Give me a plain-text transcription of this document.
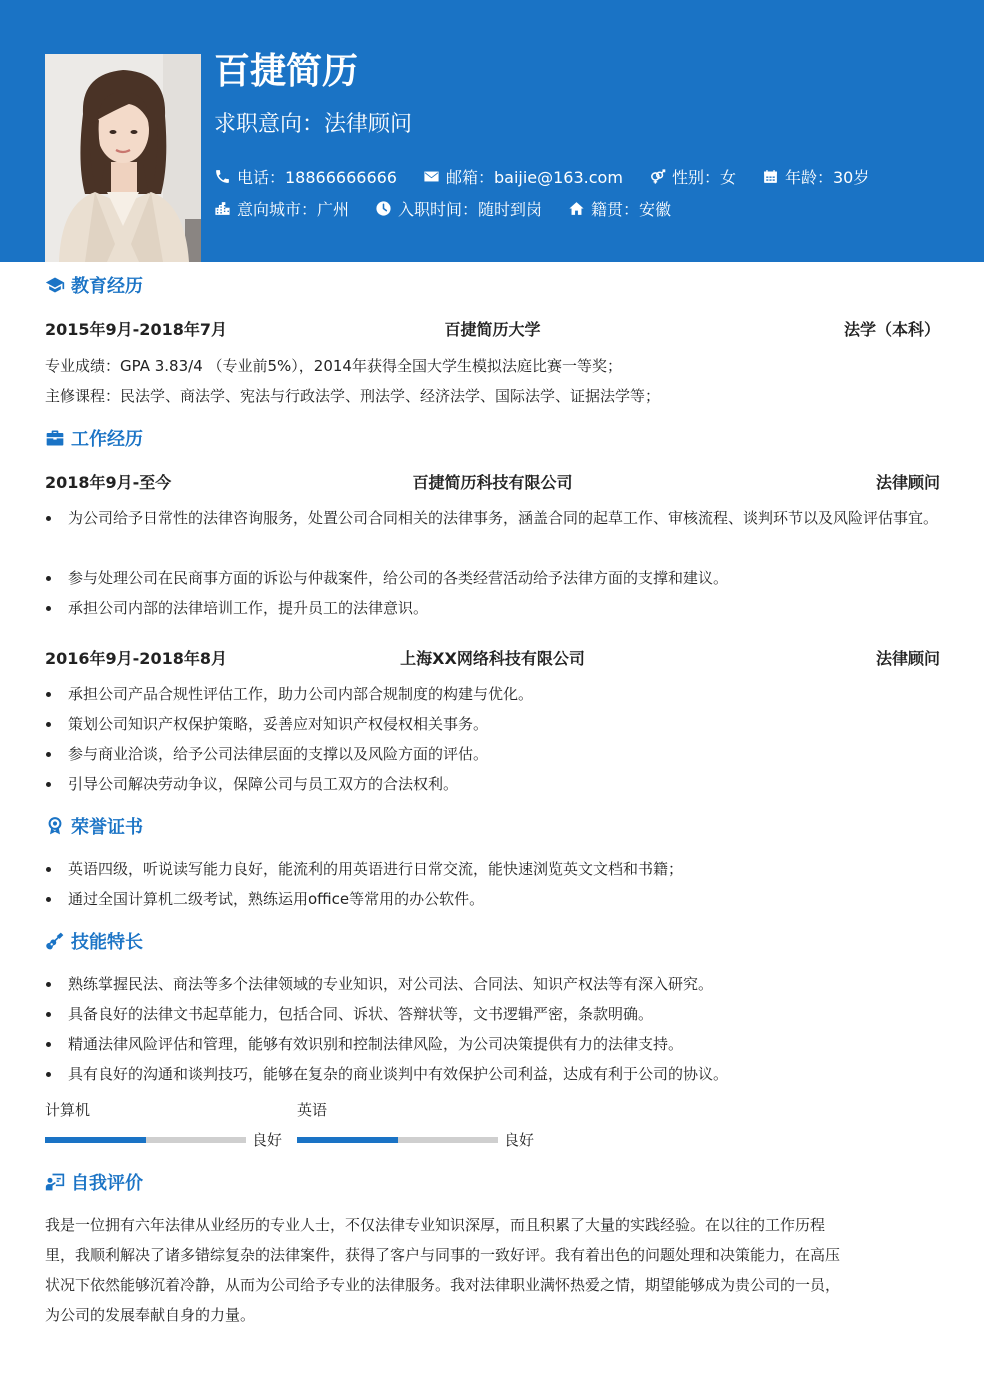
百捷简历
求职意向：法律顾问
电话：18866666666	邮箱：baijie@163.com	性别：女	年龄：30岁
意向城市：广州	入职时间：随时到岗	籍贯：安徽
教育经历
2015年9月-2018年7月	百捷简历大学	法学（本科）
专业成绩：GPA 3.83/4 （专业前5%），2014年获得全国大学生模拟法庭比赛一等奖；
主修课程：民法学、商法学、宪法与行政法学、刑法学、经济法学、国际法学、证据法学等；
工作经历
2018年9月-至今	百捷简历科技有限公司	法律顾问
为公司给予日常性的法律咨询服务，处置公司合同相关的法律事务，涵盖合同的起草工作、审核流程、谈判环节以及风险评估事宜。
参与处理公司在民商事方面的诉讼与仲裁案件，给公司的各类经营活动给予法律方面的支撑和建议。
承担公司内部的法律培训工作，提升员工的法律意识。
2016年9月-2018年8月	上海XX网络科技有限公司	法律顾问
承担公司产品合规性评估工作，助力公司内部合规制度的构建与优化。
策划公司知识产权保护策略，妥善应对知识产权侵权相关事务。
参与商业洽谈，给予公司法律层面的支撑以及风险方面的评估。
引导公司解决劳动争议，保障公司与员工双方的合法权利。
荣誉证书
英语四级，听说读写能力良好，能流利的用英语进行日常交流，能快速浏览英文文档和书籍；
通过全国计算机二级考试，熟练运用office等常用的办公软件。
技能特长
熟练掌握民法、商法等多个法律领域的专业知识，对公司法、合同法、知识产权法等有深入研究。
具备良好的法律文书起草能力，包括合同、诉状、答辩状等，文书逻辑严密，条款明确。
精通法律风险评估和管理，能够有效识别和控制法律风险，为公司决策提供有力的法律支持。
具有良好的沟通和谈判技巧，能够在复杂的商业谈判中有效保护公司利益，达成有利于公司的协议。
计算机
良好
英语
良好
自我评价
我是一位拥有六年法律从业经历的专业人士，不仅法律专业知识深厚，而且积累了大量的实践经验。在以往的工作历程
里，我顺利解决了诸多错综复杂的法律案件，获得了客户与同事的一致好评。我有着出色的问题处理和决策能力，在高压
状况下依然能够沉着冷静，从而为公司给予专业的法律服务。我对法律职业满怀热爱之情，期望能够成为贵公司的一员，
为公司的发展奉献自身的力量。
